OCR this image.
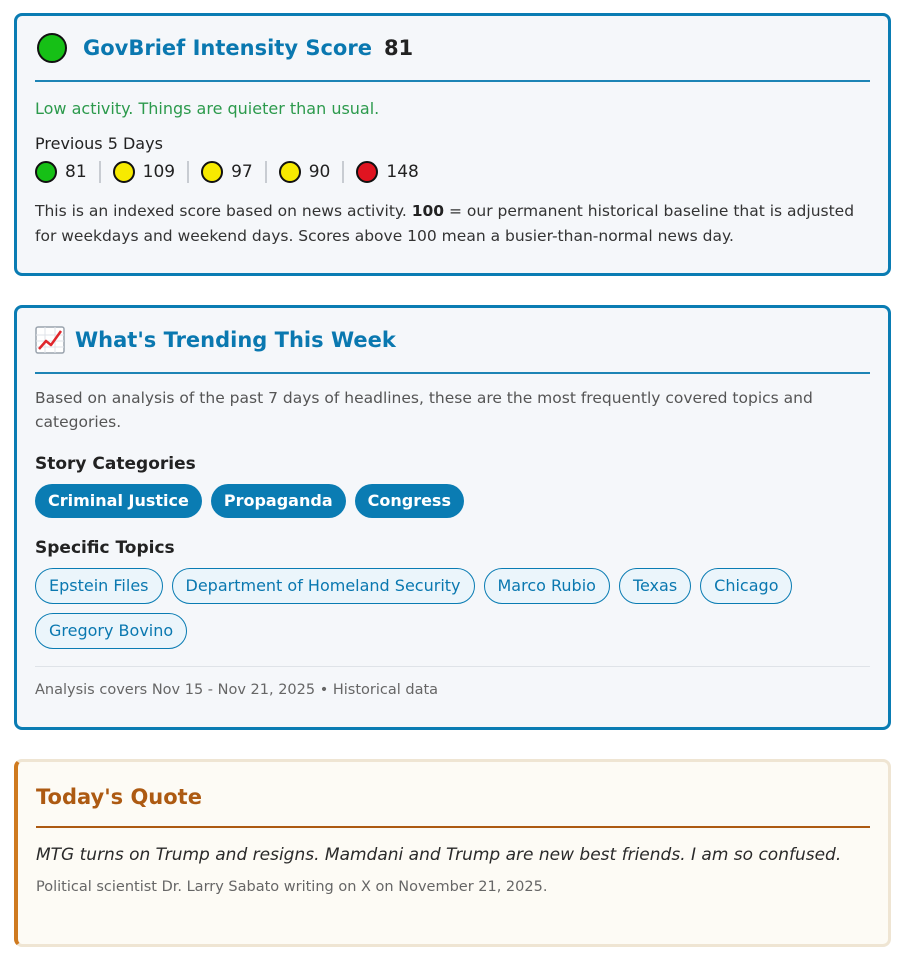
GovBrief Intensity Score 81
Low activity. Things are quieter than usual.
Previous 5 Days
81	109	97	90	148

This is an indexed score based on news activity. 100 = our permanent historical baseline that is adjusted for weekdays and weekend days. Scores above 100 mean a busier-than-normal news day.

What's Trending This Week

Based on analysis of the past 7 days of headlines, these are the most frequently covered topics and categories.

Story Categories
Criminal Justice	Propaganda	Congress
Specific Topics
Epstein Files	Department of Homeland Security	Marco Rubio	Texas	Chicago
Gregory Bovino
Analysis covers Nov 15 - Nov 21, 2025 • Historical data
Today's Quote

MTG turns on Trump and resigns. Mamdani and Trump are new best friends. I am so confused.

Political scientist Dr. Larry Sabato writing on X on November 21, 2025.
